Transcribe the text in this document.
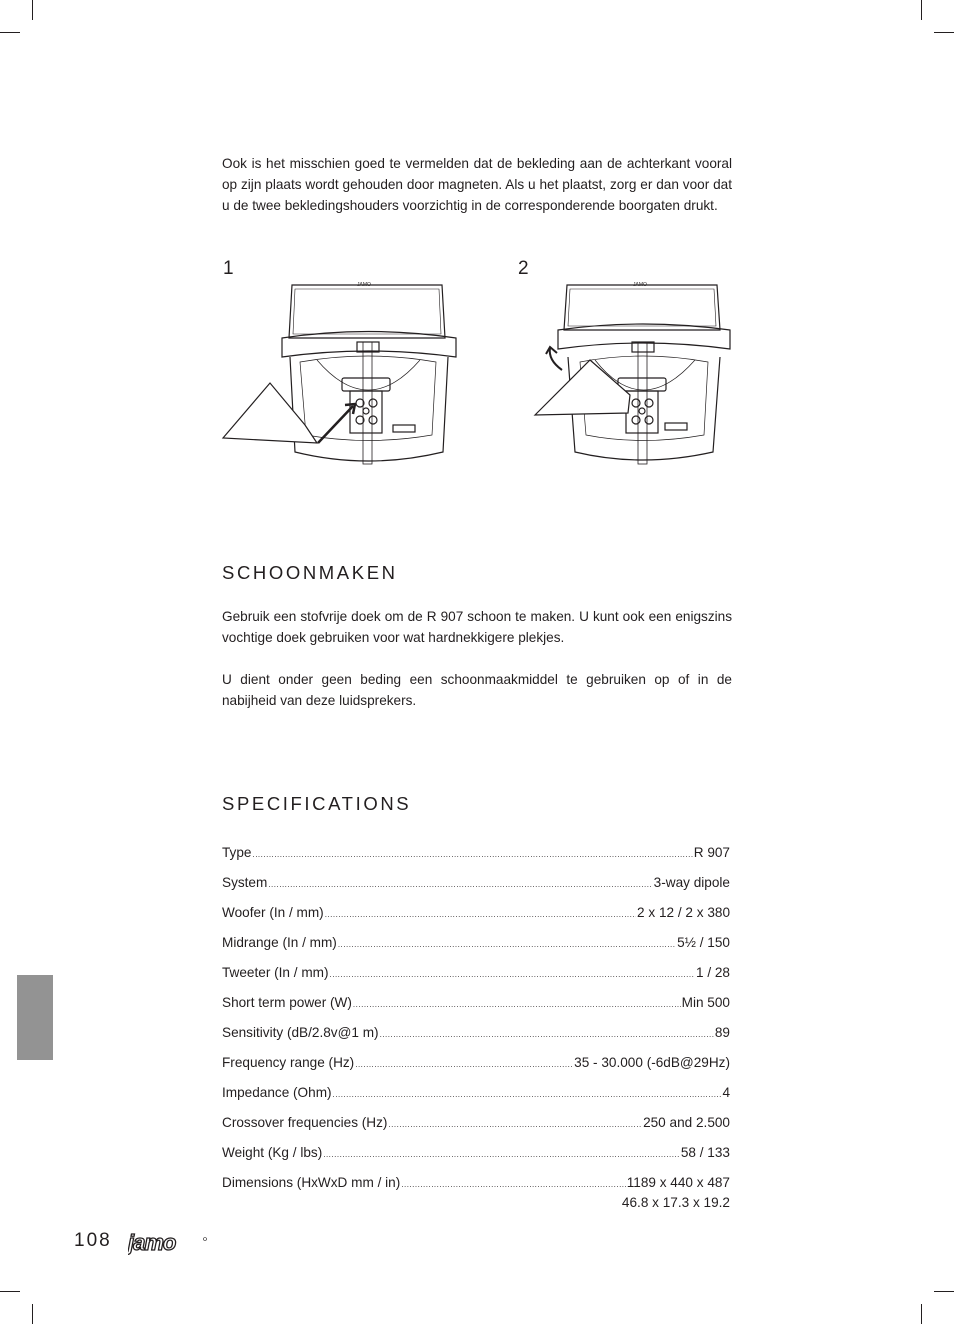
Ook is het misschien goed te vermelden dat de bekleding aan de achterkant vooral op zijn plaats wordt gehouden door magneten. Als u het plaatst, zorg er dan voor dat u de twee bekledingshouders voorzichtig in de corresponderende boorgaten drukt.

1
JAMO
2
JAMO
SCHOONMAKEN

Gebruik een stofvrije doek om de R 907 schoon te maken. U kunt ook een enigszins vochtige doek gebruiken voor wat hardnekkigere plekjes.

U dient onder geen beding een schoonmaakmiddel te gebruiken op of in de nabijheid van deze luidsprekers.

SPECIFICATIONS
Type .....	R 907
System .....	3-way dipole
Woofer (In / mm) .....	2 x 12 / 2 x 380
Midrange (In / mm) .....	5½ / 150
Tweeter (In / mm) .....	1 / 28
Short term power (W) .....	Min 500
Sensitivity (dB/2.8v@1 m) .....	89
Frequency range (Hz) .....	35 - 30.000 (-6dB@29Hz)
Impedance (Ohm) .....	4
Crossover frequencies (Hz) .....	250 and 2.500
Weight (Kg / lbs) .....	58 / 133
Dimensions (HxWxD mm / in) .....	1189 x 440 x 487
46.8 x 17.3 x 19.2
108 jamo
